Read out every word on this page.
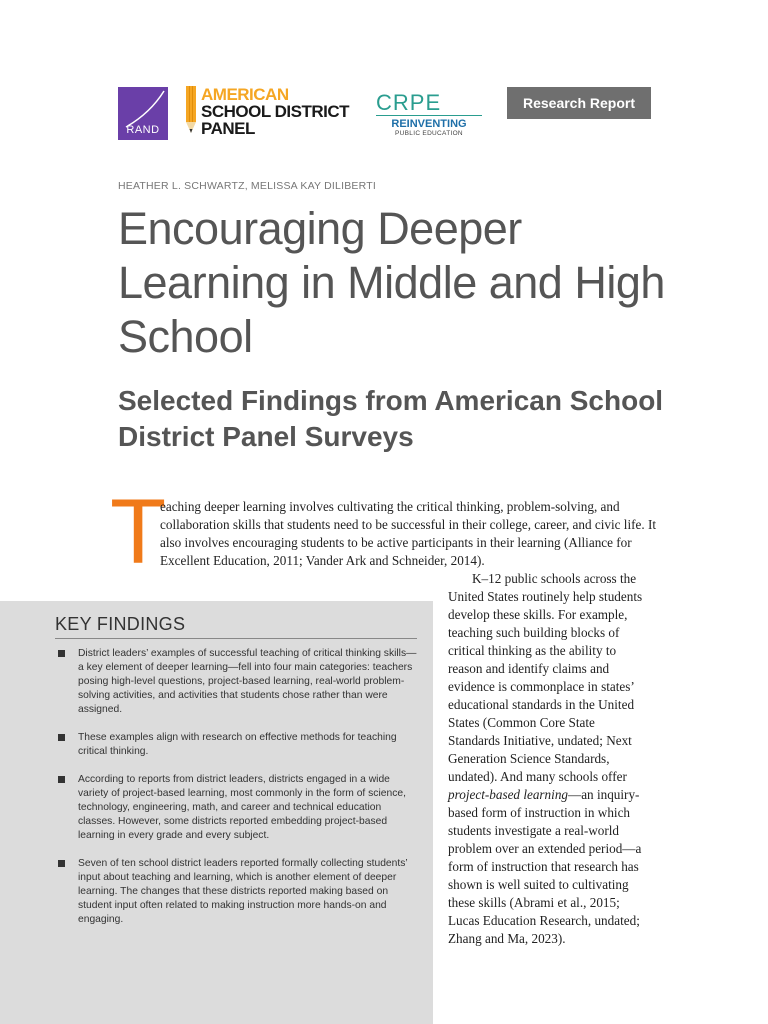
RAND
AMERICAN
SCHOOL DISTRICT
PANEL
CRPE
REINVENTING
PUBLIC EDUCATION
Research Report
HEATHER L. SCHWARTZ, MELISSA KAY DILIBERTI
Encouraging Deeper Learning in Middle and High School
Selected Findings from American School District Panel Surveys
T

eaching deeper learning involves cultivating the critical thinking, problem-solving, and collaboration skills that students need to be successful in their college, career, and civic life. It also involves encouraging students to be active participants in their learning (Alliance for Excellent Education, 2011; Vander Ark and Schneider, 2014).

K–12 public schools across the United States routinely help students develop these skills. For example, teaching such building blocks of critical thinking as the ability to reason and identify claims and evidence is commonplace in states’ educational standards in the United States (Common Core State Standards Initiative, undated; Next Generation Science Standards, undated). And many schools offer project-based learning—an inquiry-based form of instruction in which students investigate a real-world problem over an extended period—a form of instruction that research has shown is well suited to cultivating these skills (Abrami et al., 2015; Lucas Education Research, undated; Zhang and Ma, 2023).

KEY FINDINGS
District leaders’ examples of successful teaching of critical thinking skills—a key element of deeper learning—fell into four main categories: teachers posing high-level questions, project-based learning, real-world problem-solving activities, and activities that students chose rather than were assigned.
These examples align with research on effective methods for teaching critical thinking.
According to reports from district leaders, districts engaged in a wide variety of project-based learning, most commonly in the form of science, technology, engineering, math, and career and technical education classes. However, some districts reported embedding project-based learning in every grade and every subject.
Seven of ten school district leaders reported formally collecting students’ input about teaching and learning, which is another element of deeper learning. The changes that these districts reported making based on student input often related to making instruction more hands-on and engaging.
